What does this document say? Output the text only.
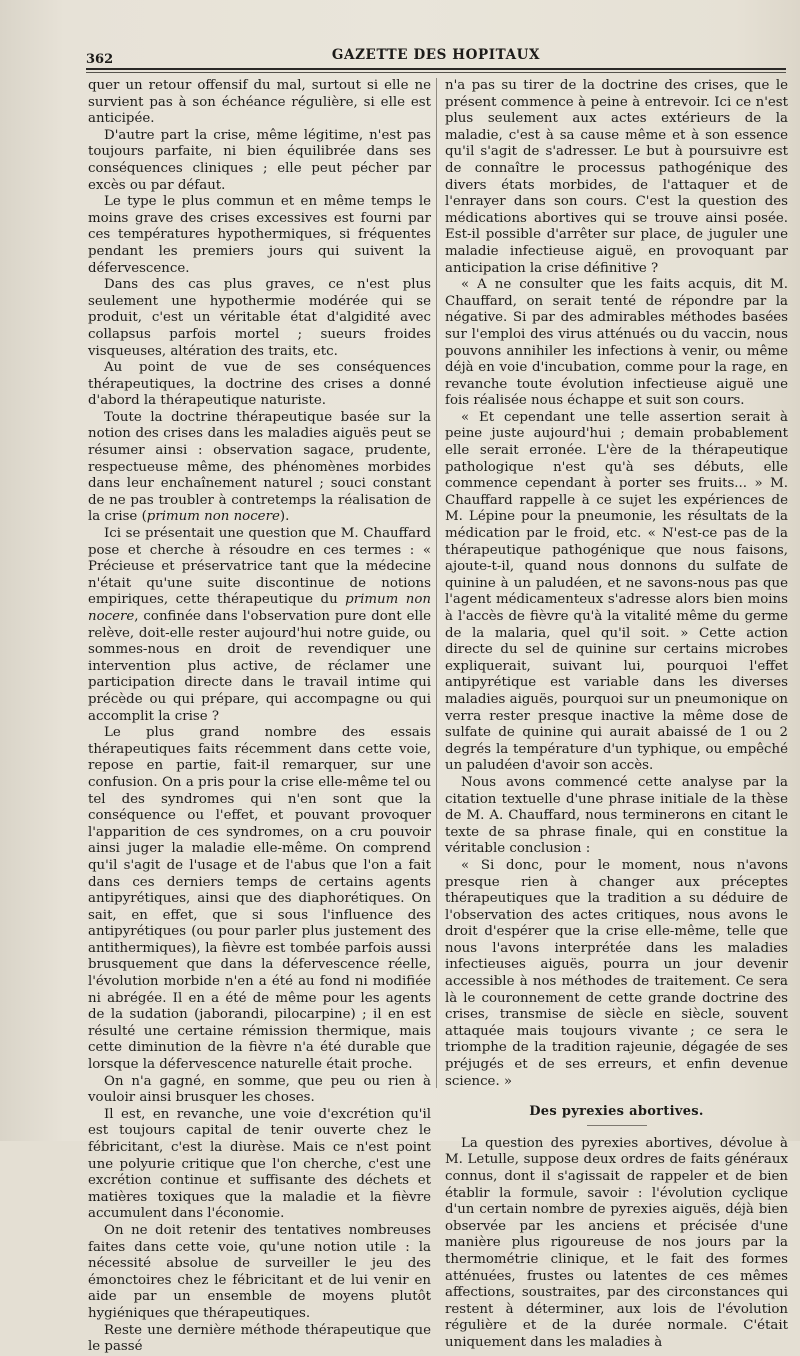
362	GAZETTE DES HOPITAUX

quer un retour offensif du mal, surtout si elle ne survient pas à son échéance régulière, si elle est anticipée.

D'autre part la crise, même légitime, n'est pas toujours parfaite, ni bien équilibrée dans ses conséquences cliniques ; elle peut pécher par excès ou par défaut.

Le type le plus commun et en même temps le moins grave des crises excessives est fourni par ces températures hypothermiques, si fréquentes pendant les premiers jours qui suivent la défervescence.

Dans des cas plus graves, ce n'est plus seulement une hypothermie modérée qui se produit, c'est un véritable état d'algidité avec collapsus parfois mortel ; sueurs froides visqueuses, altération des traits, etc.

Au point de vue de ses conséquences thérapeutiques, la doctrine des crises a donné d'abord la thérapeutique naturiste.

Toute la doctrine thérapeutique basée sur la notion des crises dans les maladies aiguës peut se résumer ainsi : observation sagace, prudente, respectueuse même, des phénomènes morbides dans leur enchaînement naturel ; souci constant de ne pas troubler à contretemps la réalisation de la crise (primum non nocere).

Ici se présentait une question que M. Chauffard pose et cherche à résoudre en ces termes : « Précieuse et préservatrice tant que la médecine n'était qu'une suite discontinue de notions empiriques, cette thérapeutique du primum non nocere, confinée dans l'observation pure dont elle relève, doit-elle rester aujourd'hui notre guide, ou sommes-nous en droit de revendiquer une intervention plus active, de réclamer une participation directe dans le travail intime qui précède ou qui prépare, qui accompagne ou qui accomplit la crise ?

Le plus grand nombre des essais thérapeutiques faits récemment dans cette voie, repose en partie, fait-il remarquer, sur une confusion. On a pris pour la crise elle-même tel ou tel des syndromes qui n'en sont que la conséquence ou l'effet, et pouvant provoquer l'apparition de ces syndromes, on a cru pouvoir ainsi juger la maladie elle-même. On comprend qu'il s'agit de l'usage et de l'abus que l'on a fait dans ces derniers temps de certains agents antipyrétiques, ainsi que des diaphorétiques. On sait, en effet, que si sous l'influence des antipyrétiques (ou pour parler plus justement des antithermiques), la fièvre est tombée parfois aussi brusquement que dans la défervescence réelle, l'évolution morbide n'en a été au fond ni modifiée ni abrégée. Il en a été de même pour les agents de la sudation (jaborandi, pilocarpine) ; il en est résulté une certaine rémission thermique, mais cette diminution de la fièvre n'a été durable que lorsque la défervescence naturelle était proche.

On n'a gagné, en somme, que peu ou rien à vouloir ainsi brusquer les choses.

Il est, en revanche, une voie d'excrétion qu'il est toujours capital de tenir ouverte chez le fébricitant, c'est la diurèse. Mais ce n'est point une polyurie critique que l'on cherche, c'est une excrétion continue et suffisante des déchets et matières toxiques que la maladie et la fièvre accumulent dans l'économie.

On ne doit retenir des tentatives nombreuses faites dans cette voie, qu'une notion utile : la nécessité absolue de surveiller le jeu des émonctoires chez le fébricitant et de lui venir en aide par un ensemble de moyens plutôt hygiéniques que thérapeutiques.

Reste une dernière méthode thérapeutique que le passé

n'a pas su tirer de la doctrine des crises, que le présent commence à peine à entrevoir. Ici ce n'est plus seulement aux actes extérieurs de la maladie, c'est à sa cause même et à son essence qu'il s'agit de s'adresser. Le but à poursuivre est de connaître le processus pathogénique des divers états morbides, de l'attaquer et de l'enrayer dans son cours. C'est la question des médications abortives qui se trouve ainsi posée. Est-il possible d'arrêter sur place, de juguler une maladie infectieuse aiguë, en provoquant par anticipation la crise définitive ?

« A ne consulter que les faits acquis, dit M. Chauffard, on serait tenté de répondre par la négative. Si par des admirables méthodes basées sur l'emploi des virus atténués ou du vaccin, nous pouvons annihiler les infections à venir, ou même déjà en voie d'incubation, comme pour la rage, en revanche toute évolution infectieuse aiguë une fois réalisée nous échappe et suit son cours.

« Et cependant une telle assertion serait à peine juste aujourd'hui ; demain probablement elle serait erronée. L'ère de la thérapeutique pathologique n'est qu'à ses débuts, elle commence cependant à porter ses fruits... » M. Chauffard rappelle à ce sujet les expériences de M. Lépine pour la pneumonie, les résultats de la médication par le froid, etc. « N'est-ce pas de la thérapeutique pathogénique que nous faisons, ajoute-t-il, quand nous donnons du sulfate de quinine à un paludéen, et ne savons-nous pas que l'agent médicamenteux s'adresse alors bien moins à l'accès de fièvre qu'à la vitalité même du germe de la malaria, quel qu'il soit. » Cette action directe du sel de quinine sur certains microbes expliquerait, suivant lui, pourquoi l'effet antipyrétique est variable dans les diverses maladies aiguës, pourquoi sur un pneumonique on verra rester presque inactive la même dose de sulfate de quinine qui aurait abaissé de 1 ou 2 degrés la température d'un typhique, ou empêché un paludéen d'avoir son accès.

Nous avons commencé cette analyse par la citation textuelle d'une phrase initiale de la thèse de M. A. Chauffard, nous terminerons en citant le texte de sa phrase finale, qui en constitue la véritable conclusion :

« Si donc, pour le moment, nous n'avons presque rien à changer aux préceptes thérapeutiques que la tradition a su déduire de l'observation des actes critiques, nous avons le droit d'espérer que la crise elle-même, telle que nous l'avons interprétée dans les maladies infectieuses aiguës, pourra un jour devenir accessible à nos méthodes de traitement. Ce sera là le couronnement de cette grande doctrine des crises, transmise de siècle en siècle, souvent attaquée mais toujours vivante ; ce sera le triomphe de la tradition rajeunie, dégagée de ses préjugés et de ses erreurs, et enfin devenue science. »

Des pyrexies abortives.

La question des pyrexies abortives, dévolue à M. Letulle, suppose deux ordres de faits généraux connus, dont il s'agissait de rappeler et de bien établir la formule, savoir : l'évolution cyclique d'un certain nombre de pyrexies aiguës, déjà bien observée par les anciens et précisée d'une manière plus rigoureuse de nos jours par la thermométrie clinique, et le fait des formes atténuées, frustes ou latentes de ces mêmes affections, soustraites, par des circonstances qui restent à déterminer, aux lois de l'évolution régulière et de la durée normale. C'était uniquement dans les maladies à
